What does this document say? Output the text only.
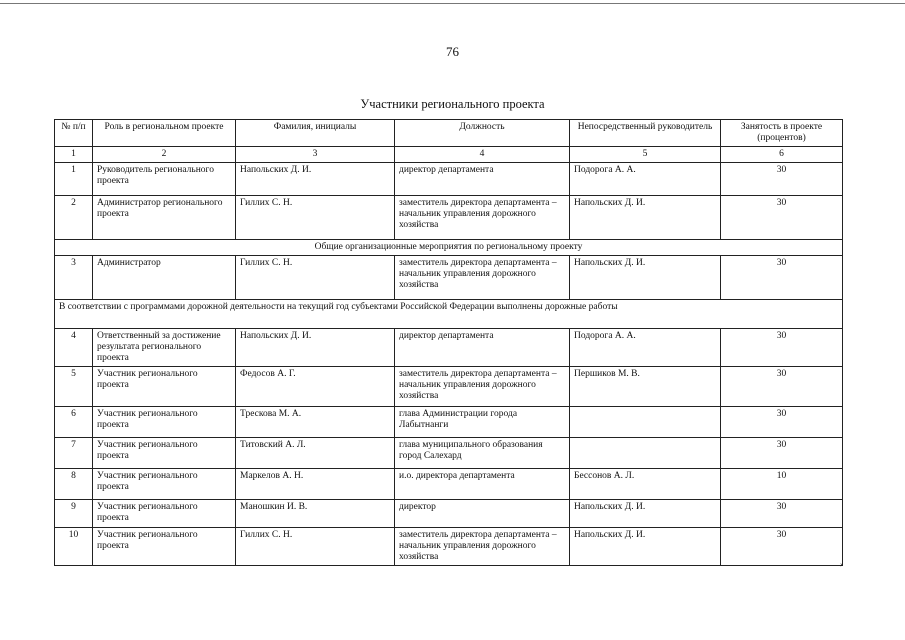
76
Участники регионального проекта
№ п/п	Роль в региональном проекте	Фамилия, инициалы	Должность	Непосредственный руководитель	Занятость в проекте (процентов)
1	2	3	4	5	6
1	Руководитель регионального проекта	Напольских Д. И.	директор департамента	Подорога А. А.	30
2	Администратор регионального проекта	Гиллих С. Н.	заместитель директора департамента – начальник управления дорожного хозяйства	Напольских Д. И.	30
Общие организационные мероприятия по региональному проекту					
3	Администратор	Гиллих С. Н.	заместитель директора департамента – начальник управления дорожного хозяйства	Напольских Д. И.	30
В соответствии с программами дорожной деятельности на текущий год субъектами Российской Федерации выполнены дорожные работы					
4	Ответственный за достижение результата регионального проекта	Напольских Д. И.	директор департамента	Подорога А. А.	30
5	Участник регионального проекта	Федосов А. Г.	заместитель директора департамента – начальник управления дорожного хозяйства	Першиков М. В.	30
6	Участник регионального проекта	Трескова М. А.	глава Администрации города Лабытнанги		30
7	Участник регионального проекта	Титовский А. Л.	глава муниципального образования город Салехард		30
8	Участник регионального проекта	Маркелов А. Н.	и.о. директора департамента	Бессонов А. Л.	10
9	Участник регионального проекта	Маношкин И. В.	директор	Напольских Д. И.	30
10	Участник регионального проекта	Гиллих С. Н.	заместитель директора департамента – начальник управления дорожного хозяйства	Напольских Д. И.	30
›
